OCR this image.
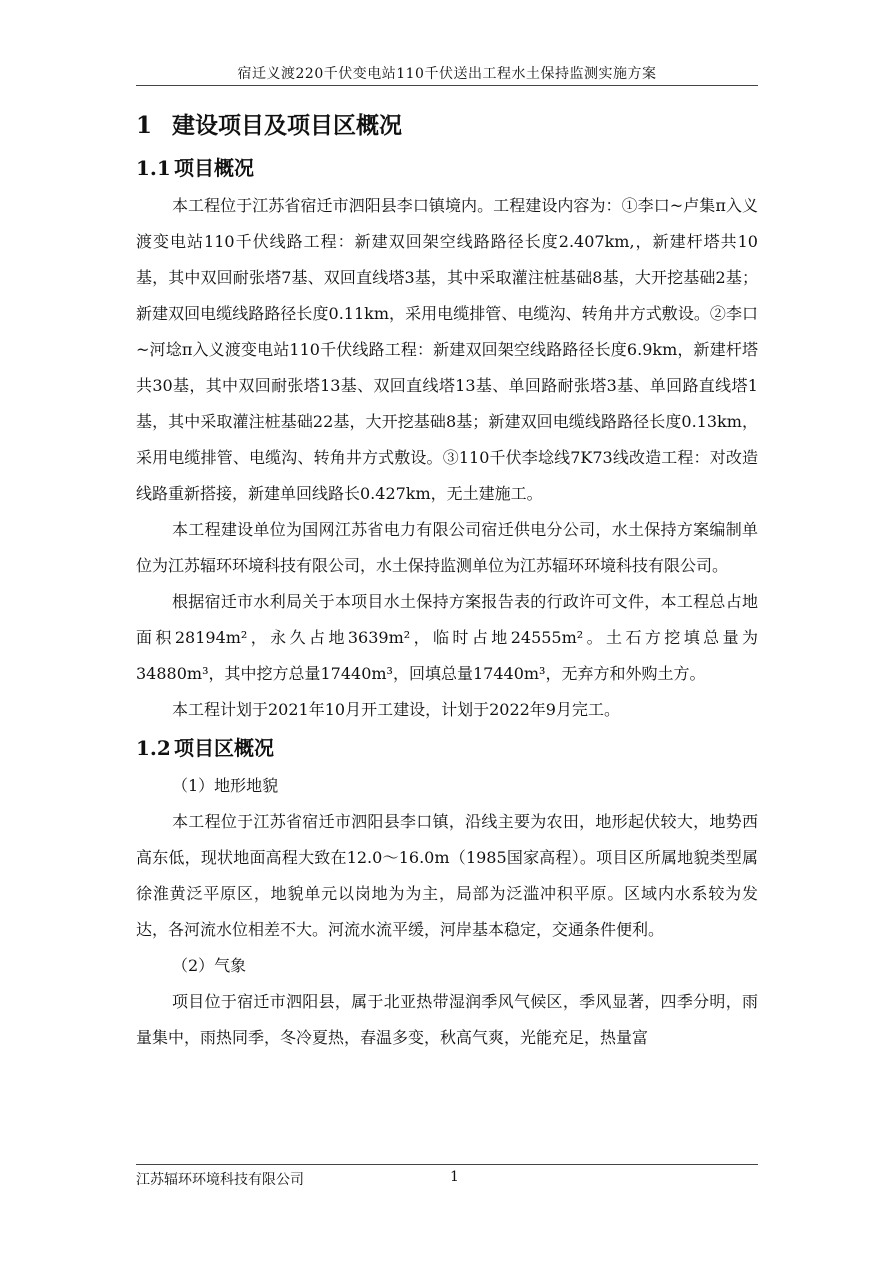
宿迁义渡220千伏变电站110千伏送出工程水土保持监测实施方案
1 建设项目及项目区概况
1.1 项目概况

本工程位于江苏省宿迁市泗阳县李口镇境内。工程建设内容为：①李口~卢集π入义渡变电站110千伏线路工程：新建双回架空线路路径长度2.407km,，新建杆塔共10基，其中双回耐张塔7基、双回直线塔3基，其中采取灌注桩基础8基，大开挖基础2基；新建双回电缆线路路径长度0.11km，采用电缆排管、电缆沟、转角井方式敷设。②李口~河埝π入义渡变电站110千伏线路工程：新建双回架空线路路径长度6.9km，新建杆塔共30基，其中双回耐张塔13基、双回直线塔13基、单回路耐张塔3基、单回路直线塔1基，其中采取灌注桩基础22基，大开挖基础8基；新建双回电缆线路路径长度0.13km，采用电缆排管、电缆沟、转角井方式敷设。③110千伏李埝线7K73线改造工程：对改造线路重新搭接，新建单回线路长0.427km，无土建施工。

本工程建设单位为国网江苏省电力有限公司宿迁供电分公司，水土保持方案编制单位为江苏辐环环境科技有限公司，水土保持监测单位为江苏辐环环境科技有限公司。

根据宿迁市水利局关于本项目水土保持方案报告表的行政许可文件，本工程总占地面积28194m²，永久占地3639m²，临时占地24555m²。土石方挖填总量为34880m³，其中挖方总量17440m³，回填总量17440m³，无弃方和外购土方。

本工程计划于2021年10月开工建设，计划于2022年9月完工。

1.2 项目区概况

（1）地形地貌

本工程位于江苏省宿迁市泗阳县李口镇，沿线主要为农田，地形起伏较大，地势西高东低，现状地面高程大致在12.0～16.0m（1985国家高程）。项目区所属地貌类型属徐淮黄泛平原区，地貌单元以岗地为为主，局部为泛滥冲积平原。区域内水系较为发达，各河流水位相差不大。河流水流平缓，河岸基本稳定，交通条件便利。

（2）气象

项目位于宿迁市泗阳县，属于北亚热带湿润季风气候区，季风显著，四季分明，雨量集中，雨热同季，冬冷夏热，春温多变，秋高气爽，光能充足，热量富

江苏辐环环境科技有限公司	1
